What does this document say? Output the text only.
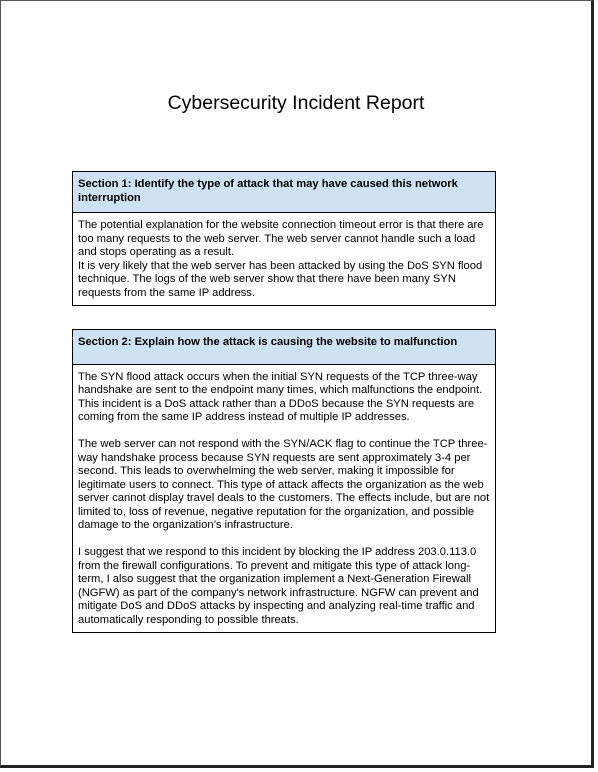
Cybersecurity Incident Report
Section 1: Identify the type of attack that may have caused this network interruption

The potential explanation for the website connection timeout error is that there are too many requests to the web server. The web server cannot handle such a load and stops operating as a result.

It is very likely that the web server has been attacked by using the DoS SYN flood technique. The logs of the web server show that there have been many SYN requests from the same IP address.

Section 2: Explain how the attack is causing the website to malfunction

The SYN flood attack occurs when the initial SYN requests of the TCP three-way handshake are sent to the endpoint many times, which malfunctions the endpoint. This incident is a DoS attack rather than a DDoS because the SYN requests are coming from the same IP address instead of multiple IP addresses.

The web server can not respond with the SYN/ACK flag to continue the TCP three-way handshake process because SYN requests are sent approximately 3-4 per second. This leads to overwhelming the web server, making it impossible for legitimate users to connect. This type of attack affects the organization as the web server cannot display travel deals to the customers. The effects include, but are not limited to, loss of revenue, negative reputation for the organization, and possible damage to the organization’s infrastructure.

I suggest that we respond to this incident by blocking the IP address 203.0.113.0 from the firewall configurations. To prevent and mitigate this type of attack long-term, I also suggest that the organization implement a Next-Generation Firewall (NGFW) as part of the company's network infrastructure. NGFW can prevent and mitigate DoS and DDoS attacks by inspecting and analyzing real-time traffic and automatically responding to possible threats.
